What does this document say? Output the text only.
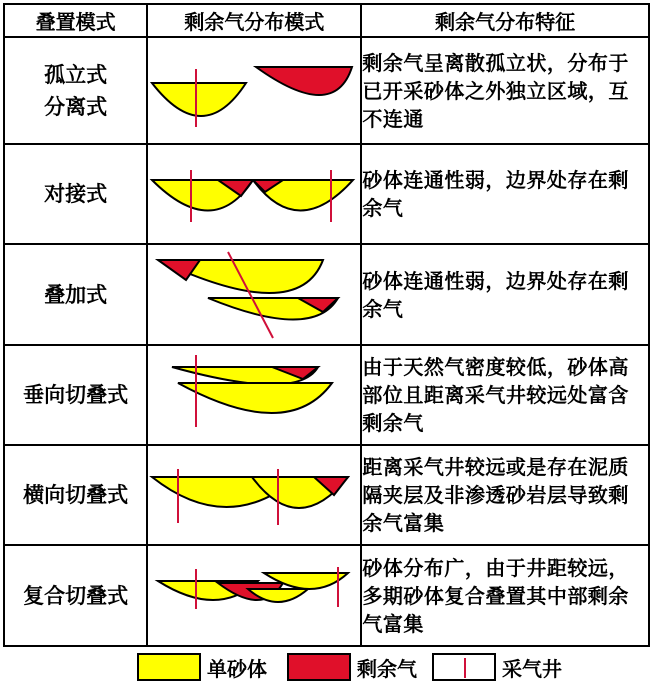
叠置模式	剩余气分布模式	剩余气分布特征

孤立式
分离式		剩余气呈离散孤立状，分布于已开采砂体之外独立区域，互不连通

对接式		砂体连通性弱，边界处存在剩余气

叠加式		砂体连通性弱，边界处存在剩余气

垂向切叠式		由于天然气密度较低，砂体高部位且距离采气井较远处富含剩余气

横向切叠式		距离采气井较远或是存在泥质隔夹层及非渗透砂岩层导致剩余气富集

复合切叠式		砂体分布广，由于井距较远，多期砂体复合叠置其中部剩余气富集
单砂体	剩余气	采气井
